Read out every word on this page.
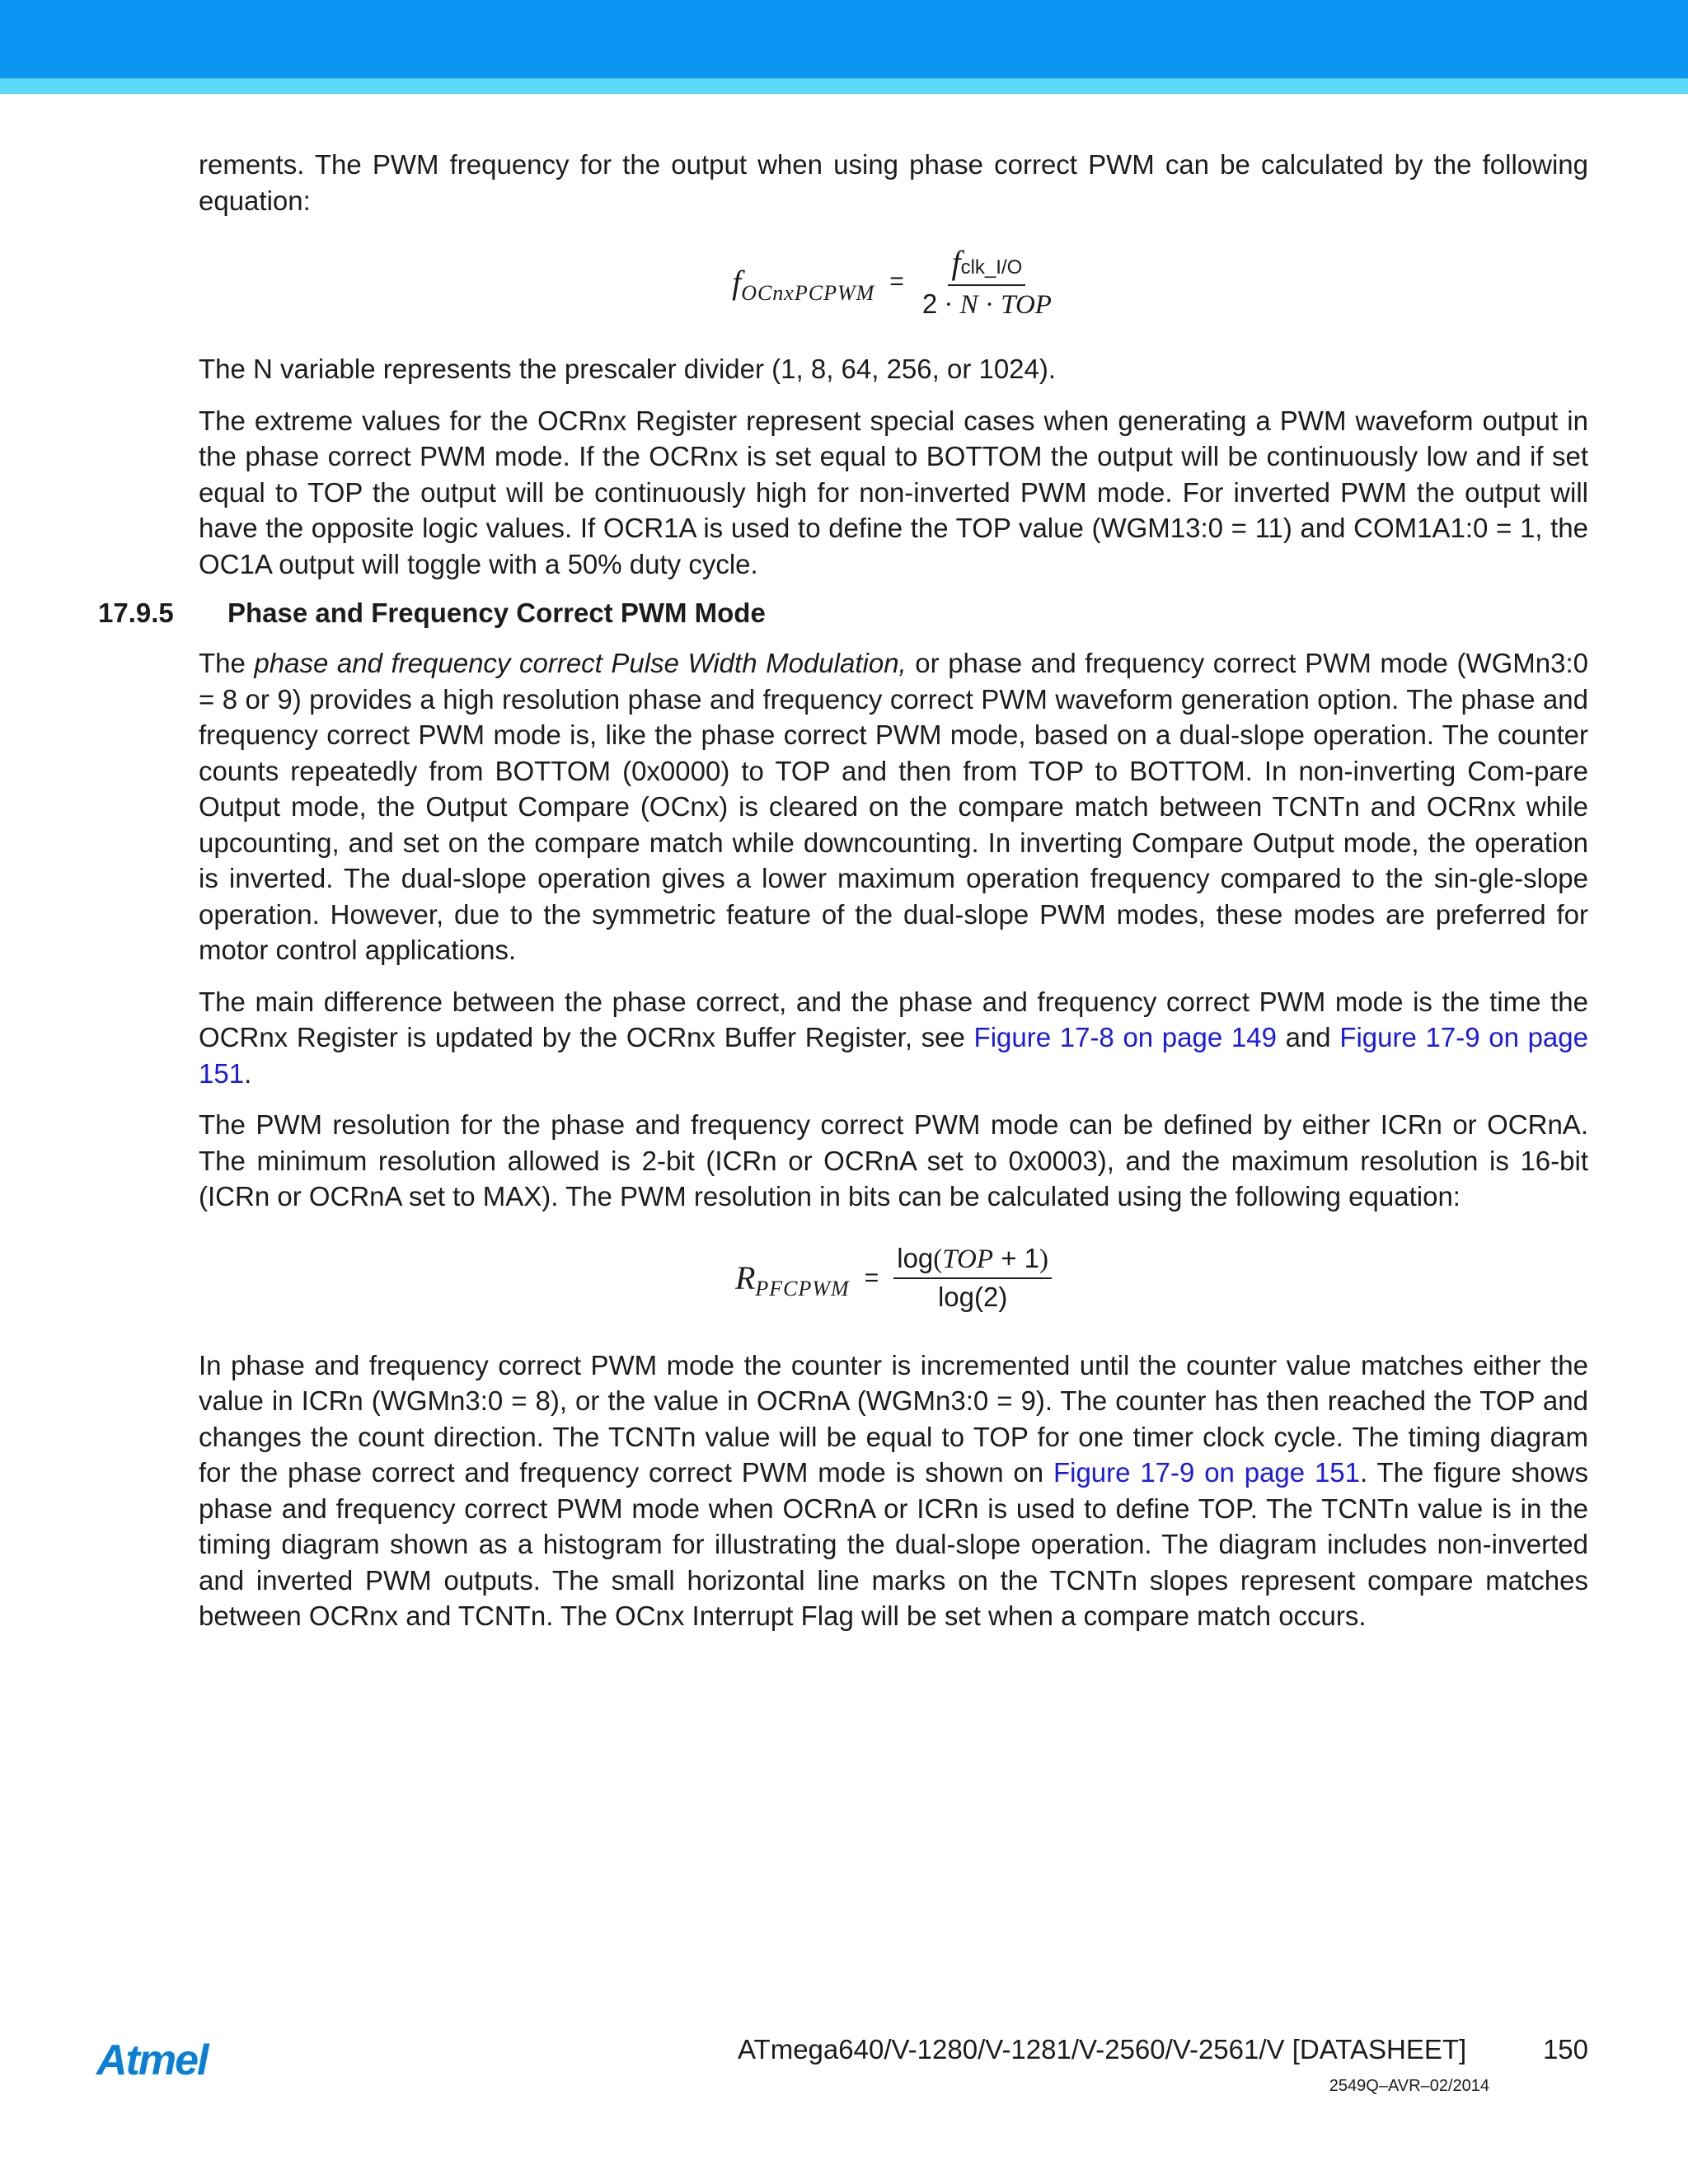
rements. The PWM frequency for the output when using phase correct PWM can be calculated by the following equation:

$f_{OCnxPCPWM} = \frac{\text{fclk\_I/O}}{\text{2 · N · TOP}}$

The N variable represents the prescaler divider (1, 8, 64, 256, or 1024).

The extreme values for the OCRnx Register represent special cases when generating a PWM waveform output in the phase correct PWM mode. If the OCRnx is set equal to BOTTOM the output will be continuously low and if set equal to TOP the output will be continuously high for non-inverted PWM mode. For inverted PWM the output will have the opposite logic values. If OCR1A is used to define the TOP value (WGM13:0 = 11) and COM1A1:0 = 1, the OC1A output will toggle with a 50% duty cycle.

17.9.5	Phase and Frequency Correct PWM Mode

The phase and frequency correct Pulse Width Modulation, or phase and frequency correct PWM mode (WGMn3:0 = 8 or 9) provides a high resolution phase and frequency correct PWM waveform generation option. The phase and frequency correct PWM mode is, like the phase correct PWM mode, based on a dual-slope operation. The counter counts repeatedly from BOTTOM (0x0000) to TOP and then from TOP to BOTTOM. In non-inverting Com-pare Output mode, the Output Compare (OCnx) is cleared on the compare match between TCNTn and OCRnx while upcounting, and set on the compare match while downcounting. In inverting Compare Output mode, the operation is inverted. The dual-slope operation gives a lower maximum operation frequency compared to the sin-gle-slope operation. However, due to the symmetric feature of the dual-slope PWM modes, these modes are preferred for motor control applications.

The main difference between the phase correct, and the phase and frequency correct PWM mode is the time the OCRnx Register is updated by the OCRnx Buffer Register, see Figure 17-8 on page 149 and Figure 17-9 on page 151.

The PWM resolution for the phase and frequency correct PWM mode can be defined by either ICRn or OCRnA. The minimum resolution allowed is 2-bit (ICRn or OCRnA set to 0x0003), and the maximum resolution is 16-bit (ICRn or OCRnA set to MAX). The PWM resolution in bits can be calculated using the following equation:

$R_{PFCPWM} = \frac{\text{log(TOP + 1)}}{\log(2)}$

In phase and frequency correct PWM mode the counter is incremented until the counter value matches either the value in ICRn (WGMn3:0 = 8), or the value in OCRnA (WGMn3:0 = 9). The counter has then reached the TOP and changes the count direction. The TCNTn value will be equal to TOP for one timer clock cycle. The timing diagram for the phase correct and frequency correct PWM mode is shown on Figure 17-9 on page 151. The figure shows phase and frequency correct PWM mode when OCRnA or ICRn is used to define TOP. The TCNTn value is in the timing diagram shown as a histogram for illustrating the dual-slope operation. The diagram includes non-inverted and inverted PWM outputs. The small horizontal line marks on the TCNTn slopes represent compare matches between OCRnx and TCNTn. The OCnx Interrupt Flag will be set when a compare match occurs.

Atmel	ATmega640/V-1280/V-1281/V-2560/V-2561/V [DATASHEET]	150
2549Q–AVR–02/2014
